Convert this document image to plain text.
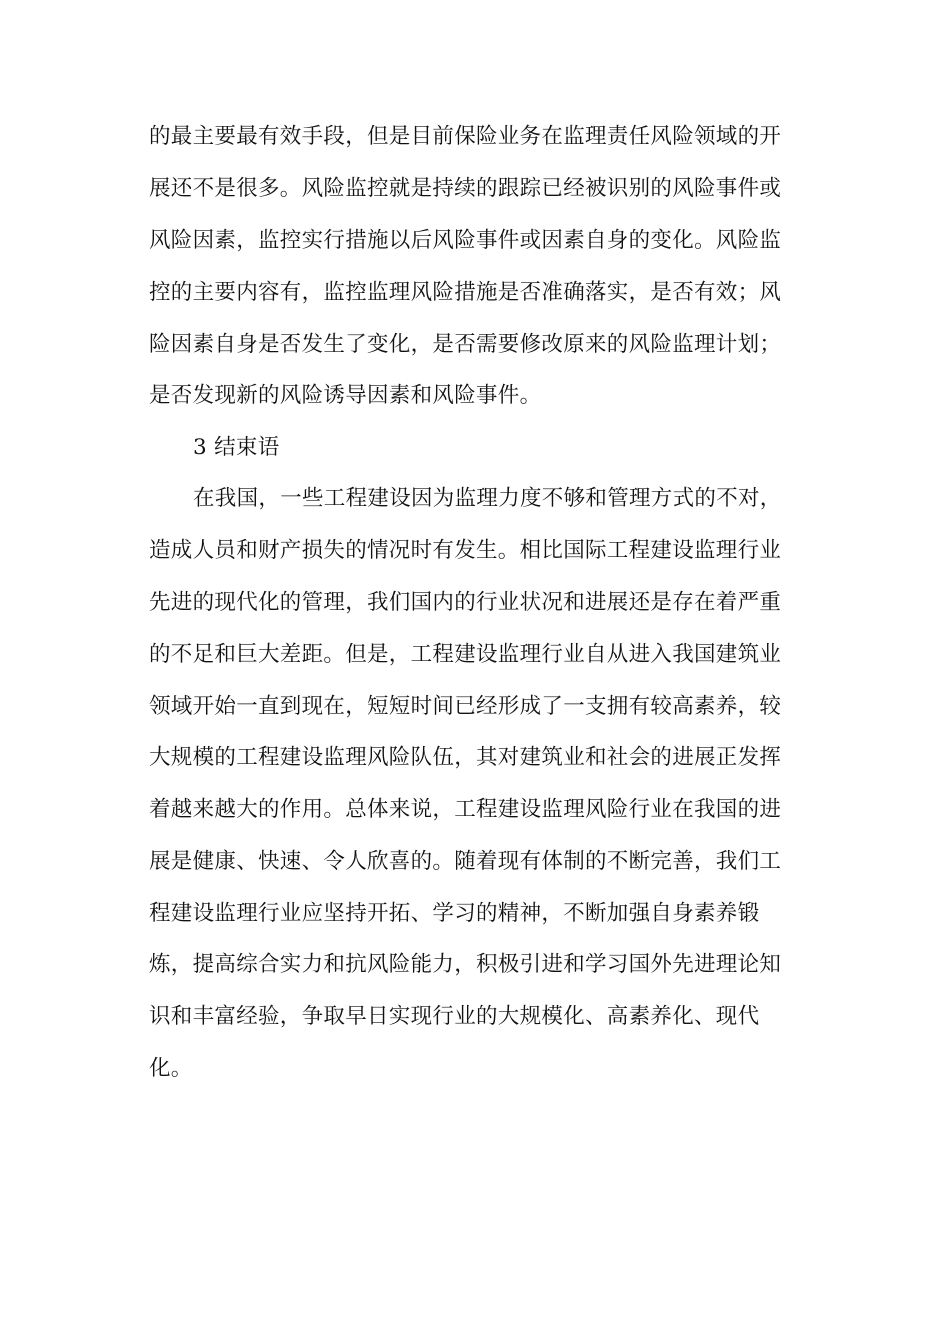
的最主要最有效手段，但是目前保险业务在监理责任风险领域的开
展还不是很多。风险监控就是持续的跟踪已经被识别的风险事件或
风险因素，监控实行措施以后风险事件或因素自身的变化。风险监
控的主要内容有，监控监理风险措施是否准确落实，是否有效；风
险因素自身是否发生了变化，是否需要修改原来的风险监理计划；
是否发现新的风险诱导因素和风险事件。
3 结束语
在我国，一些工程建设因为监理力度不够和管理方式的不对，
造成人员和财产损失的情况时有发生。相比国际工程建设监理行业
先进的现代化的管理，我们国内的行业状况和进展还是存在着严重
的不足和巨大差距。但是，工程建设监理行业自从进入我国建筑业
领域开始一直到现在，短短时间已经形成了一支拥有较高素养，较
大规模的工程建设监理风险队伍，其对建筑业和社会的进展正发挥
着越来越大的作用。总体来说，工程建设监理风险行业在我国的进
展是健康、快速、令人欣喜的。随着现有体制的不断完善，我们工
程建设监理行业应坚持开拓、学习的精神，不断加强自身素养锻
炼，提高综合实力和抗风险能力，积极引进和学习国外先进理论知
识和丰富经验，争取早日实现行业的大规模化、高素养化、现代
化。
